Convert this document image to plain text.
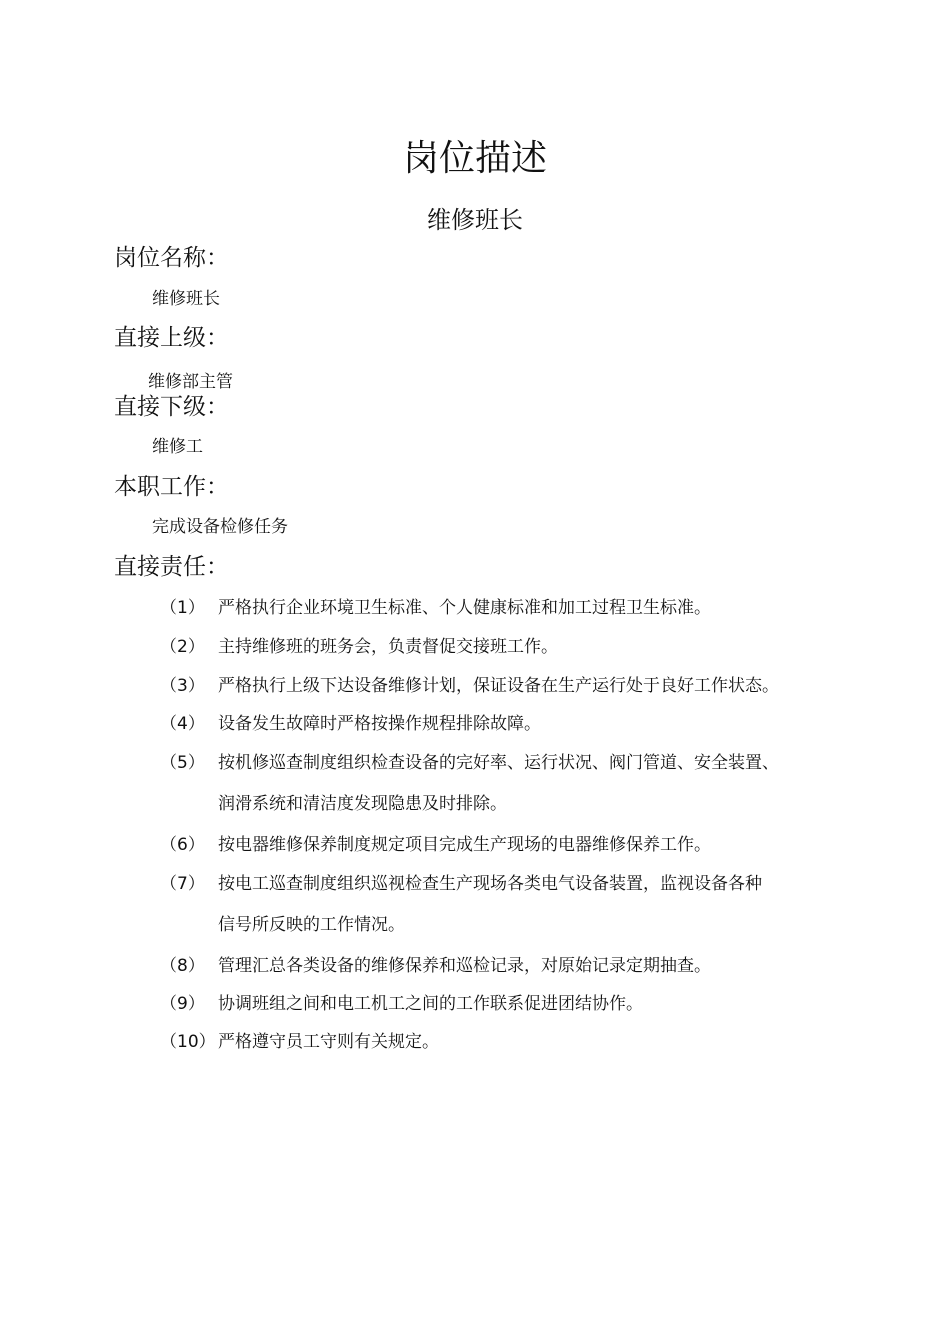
岗位描述
维修班长
岗位名称：
维修班长
直接上级：
维修部主管
直接下级：
维修工
本职工作：
完成设备检修任务
直接责任：
（1） 严格执行企业环境卫生标准、个人健康标准和加工过程卫生标准。
（2） 主持维修班的班务会，负责督促交接班工作。
（3） 严格执行上级下达设备维修计划，保证设备在生产运行处于良好工作状态。
（4） 设备发生故障时严格按操作规程排除故障。
（5） 按机修巡查制度组织检查设备的完好率、运行状况、阀门管道、安全装置、
润滑系统和清洁度发现隐患及时排除。
（6） 按电器维修保养制度规定项目完成生产现场的电器维修保养工作。
（7） 按电工巡查制度组织巡视检查生产现场各类电气设备装置，监视设备各种
信号所反映的工作情况。
（8） 管理汇总各类设备的维修保养和巡检记录，对原始记录定期抽查。
（9） 协调班组之间和电工机工之间的工作联系促进团结协作。
（10） 严格遵守员工守则有关规定。
